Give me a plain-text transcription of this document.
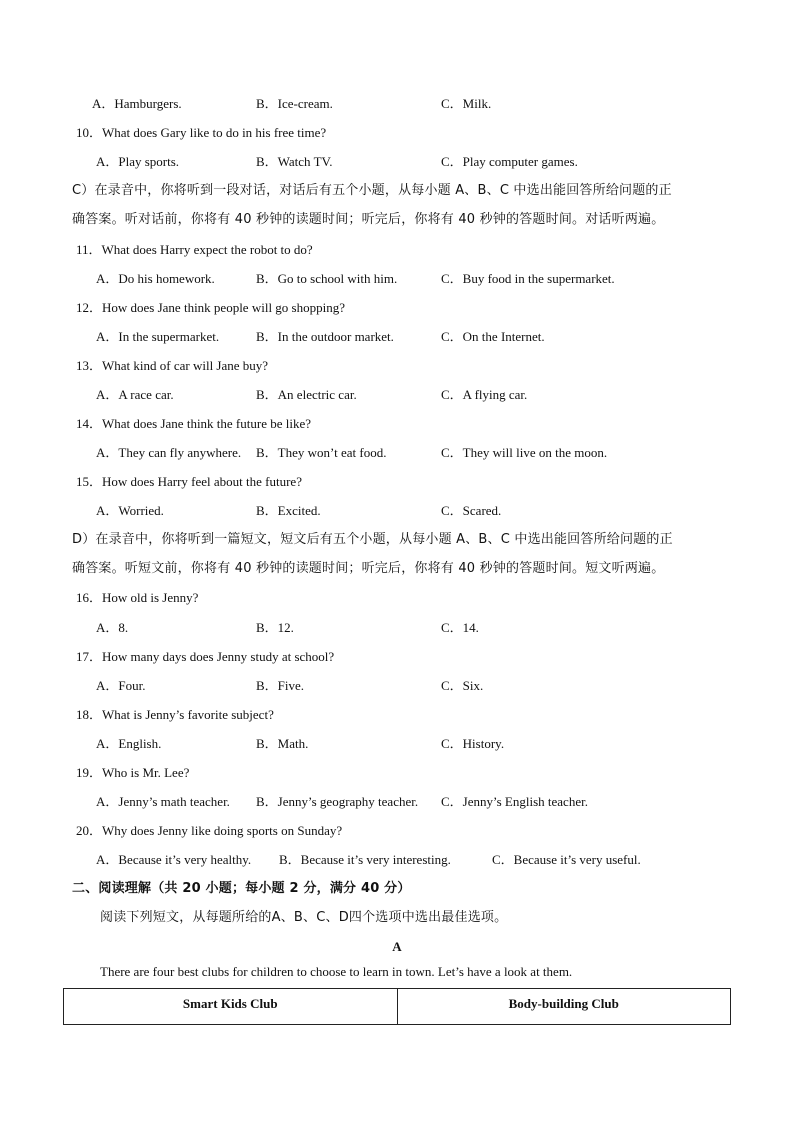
A．Hamburgers.	B．Ice-cream.	C．Milk.
10．What does Gary like to do in his free time?
A．Play sports.	B．Watch TV.	C．Play computer games.
C）在录音中，你将听到一段对话，对话后有五个小题，从每小题 A、B、C 中选出能回答所给问题的正
确答案。听对话前，你将有 40 秒钟的读题时间；听完后，你将有 40 秒钟的答题时间。对话听两遍。
11．What does Harry expect the robot to do?
A．Do his homework.	B．Go to school with him.	C．Buy food in the supermarket.
12．How does Jane think people will go shopping?
A．In the supermarket.	B．In the outdoor market.	C．On the Internet.
13．What kind of car will Jane buy?
A．A race car.	B．An electric car.	C．A flying car.
14．What does Jane think the future be like?
A．They can fly anywhere. B．They won’t eat food.	C．They will live on the moon.
15．How does Harry feel about the future?
A．Worried.	B．Excited.	C．Scared.
D）在录音中，你将听到一篇短文，短文后有五个小题，从每小题 A、B、C 中选出能回答所给问题的正
确答案。听短文前，你将有 40 秒钟的读题时间；听完后，你将有 40 秒钟的答题时间。短文听两遍。
16．How old is Jenny?
A．8.	B．12.	C．14.
17．How many days does Jenny study at school?
A．Four.	B．Five.	C．Six.
18．What is Jenny’s favorite subject?
A．English.	B．Math.	C．History.
19．Who is Mr. Lee?
A．Jenny’s math teacher. B．Jenny’s geography teacher. C．Jenny’s English teacher.
20．Why does Jenny like doing sports on Sunday?
A．Because it’s very healthy. B．Because it’s very interesting.	C．Because it’s very useful.
二、阅读理解（共 20 小题；每小题 2 分，满分 40 分）
阅读下列短文，从每题所给的A、B、C、D四个选项中选出最佳选项。
A
There are four best clubs for children to choose to learn in town. Let’s have a look at them.
Smart Kids Club	Body-building Club
